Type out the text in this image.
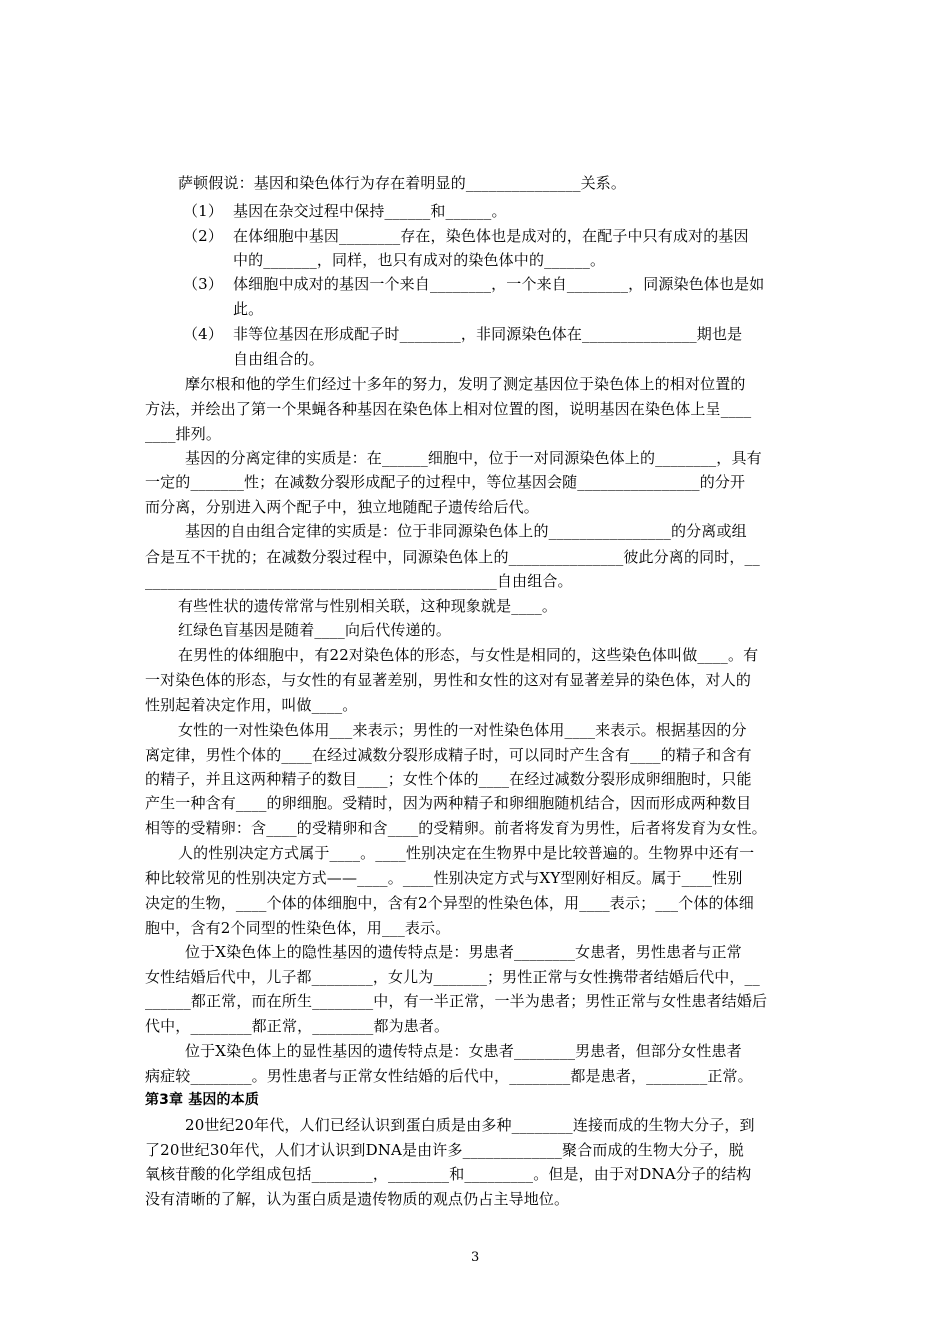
萨顿假说：基因和染色体行为存在着明显的_______________关系。
（1） 基因在杂交过程中保持______和______。
（2） 在体细胞中基因________存在，染色体也是成对的，在配子中只有成对的基因
中的_______，同样，也只有成对的染色体中的______。
（3） 体细胞中成对的基因一个来自________，一个来自________，同源染色体也是如
此。
（4） 非等位基因在形成配子时________，非同源染色体在_______________期也是
自由组合的。
摩尔根和他的学生们经过十多年的努力，发明了测定基因位于染色体上的相对位置的
方法，并绘出了第一个果蝇各种基因在染色体上相对位置的图，说明基因在染色体上呈____
____排列。
基因的分离定律的实质是：在______细胞中，位于一对同源染色体上的________，具有
一定的_______性；在减数分裂形成配子的过程中，等位基因会随________________的分开
而分离，分别进入两个配子中，独立地随配子遗传给后代。
基因的自由组合定律的实质是：位于非同源染色体上的________________的分离或组
合是互不干扰的；在减数分裂过程中，同源染色体上的_______________彼此分离的同时，__
______________________________________________自由组合。
有些性状的遗传常常与性别相关联，这种现象就是____。
红绿色盲基因是随着____向后代传递的。
在男性的体细胞中，有22对染色体的形态，与女性是相同的，这些染色体叫做____。有
一对染色体的形态，与女性的有显著差别，男性和女性的这对有显著差异的染色体，对人的
性别起着决定作用，叫做____。
女性的一对性染色体用___来表示；男性的一对性染色体用____来表示。根据基因的分
离定律，男性个体的____在经过减数分裂形成精子时，可以同时产生含有____的精子和含有
的精子，并且这两种精子的数目____；女性个体的____在经过减数分裂形成卵细胞时，只能
产生一种含有____的卵细胞。受精时，因为两种精子和卵细胞随机结合，因而形成两种数目
相等的受精卵：含____的受精卵和含____的受精卵。前者将发育为男性，后者将发育为女性。
人的性别决定方式属于____。____性别决定在生物界中是比较普遍的。生物界中还有一
种比较常见的性别决定方式——____。____性别决定方式与XY型刚好相反。属于____性别
决定的生物，____个体的体细胞中，含有2个异型的性染色体，用____表示；___个体的体细
胞中，含有2个同型的性染色体，用___表示。
位于X染色体上的隐性基因的遗传特点是：男患者________女患者，男性患者与正常
女性结婚后代中，儿子都________，女儿为_______；男性正常与女性携带者结婚后代中，__
______都正常，而在所生________中，有一半正常，一半为患者；男性正常与女性患者结婚后
代中，________都正常，________都为患者。
位于X染色体上的显性基因的遗传特点是：女患者________男患者，但部分女性患者
病症较________。男性患者与正常女性结婚的后代中，________都是患者，________正常。
第3章 基因的本质
20世纪20年代，人们已经认识到蛋白质是由多种________连接而成的生物大分子，到
了20世纪30年代，人们才认识到DNA是由许多_____________聚合而成的生物大分子，脱
氧核苷酸的化学组成包括________，________和_________。但是，由于对DNA分子的结构
没有清晰的了解，认为蛋白质是遗传物质的观点仍占主导地位。
3
